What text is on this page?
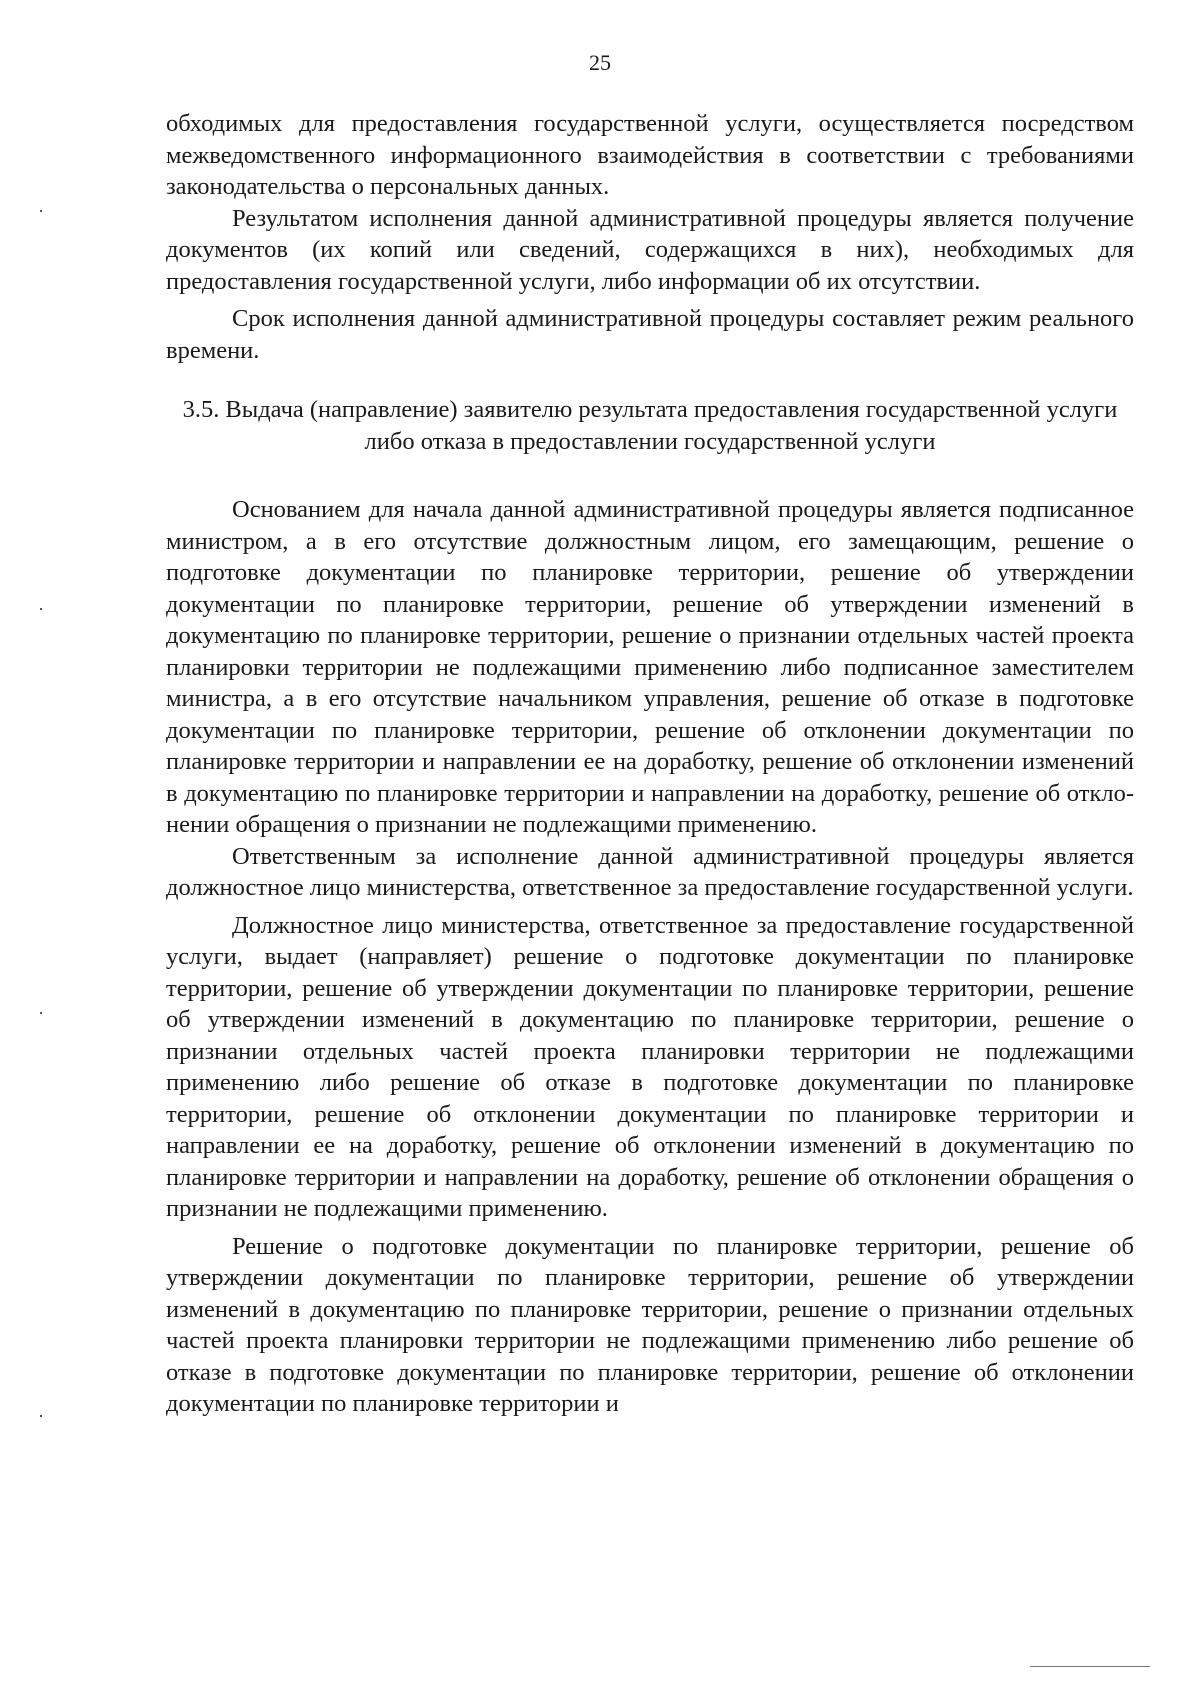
25

обходимых для предоставления государственной услуги, осуществляется посредством межведомственного информационного взаимодействия в соответствии с требованиями законодательства о персональных данных.

Результатом исполнения данной административной процедуры является получение документов (их копий или сведений, содержащихся в них), необходимых для предоставления государственной услуги, либо информации об их отсутствии.

Срок исполнения данной административной процедуры составляет режим реального времени.

3.5. Выдача (направление) заявителю результата предоставления государственной услуги либо отказа в предоставлении государственной услуги

Основанием для начала данной административной процедуры является подписанное министром, а в его отсутствие должностным лицом, его замещающим, решение о подготовке документации по планировке территории, решение об утверждении документации по планировке территории, решение об утверждении изменений в документацию по планировке территории, решение о признании отдельных частей проекта планировки территории не подлежащими применению либо подписанное заместителем министра, а в его отсутствие начальником управления, решение об отказе в подготовке документации по планировке территории, решение об отклонении документации по планировке территории и направлении ее на доработку, решение об отклонении изменений в документацию по планировке территории и направлении на доработку, решение об отклонении обращения о признании не подлежащими применению.

Ответственным за исполнение данной административной процедуры является должностное лицо министерства, ответственное за предоставление государственной услуги.

Должностное лицо министерства, ответственное за предоставление государственной услуги, выдает (направляет) решение о подготовке документации по планировке территории, решение об утверждении документации по планировке территории, решение об утверждении изменений в документацию по планировке территории, решение о признании отдельных частей проекта планировки территории не подлежащими применению либо решение об отказе в подготовке документации по планировке территории, решение об отклонении документации по планировке территории и направлении ее на доработку, решение об отклонении изменений в документацию по планировке территории и направлении на доработку, решение об отклонении обращения о признании не подлежащими применению.

Решение о подготовке документации по планировке территории, решение об утверждении документации по планировке территории, решение об утверждении изменений в документацию по планировке территории, решение о признании отдельных частей проекта планировки территории не подлежащими применению либо решение об отказе в подготовке документации по планировке территории, решение об отклонении документации по планировке территории и
